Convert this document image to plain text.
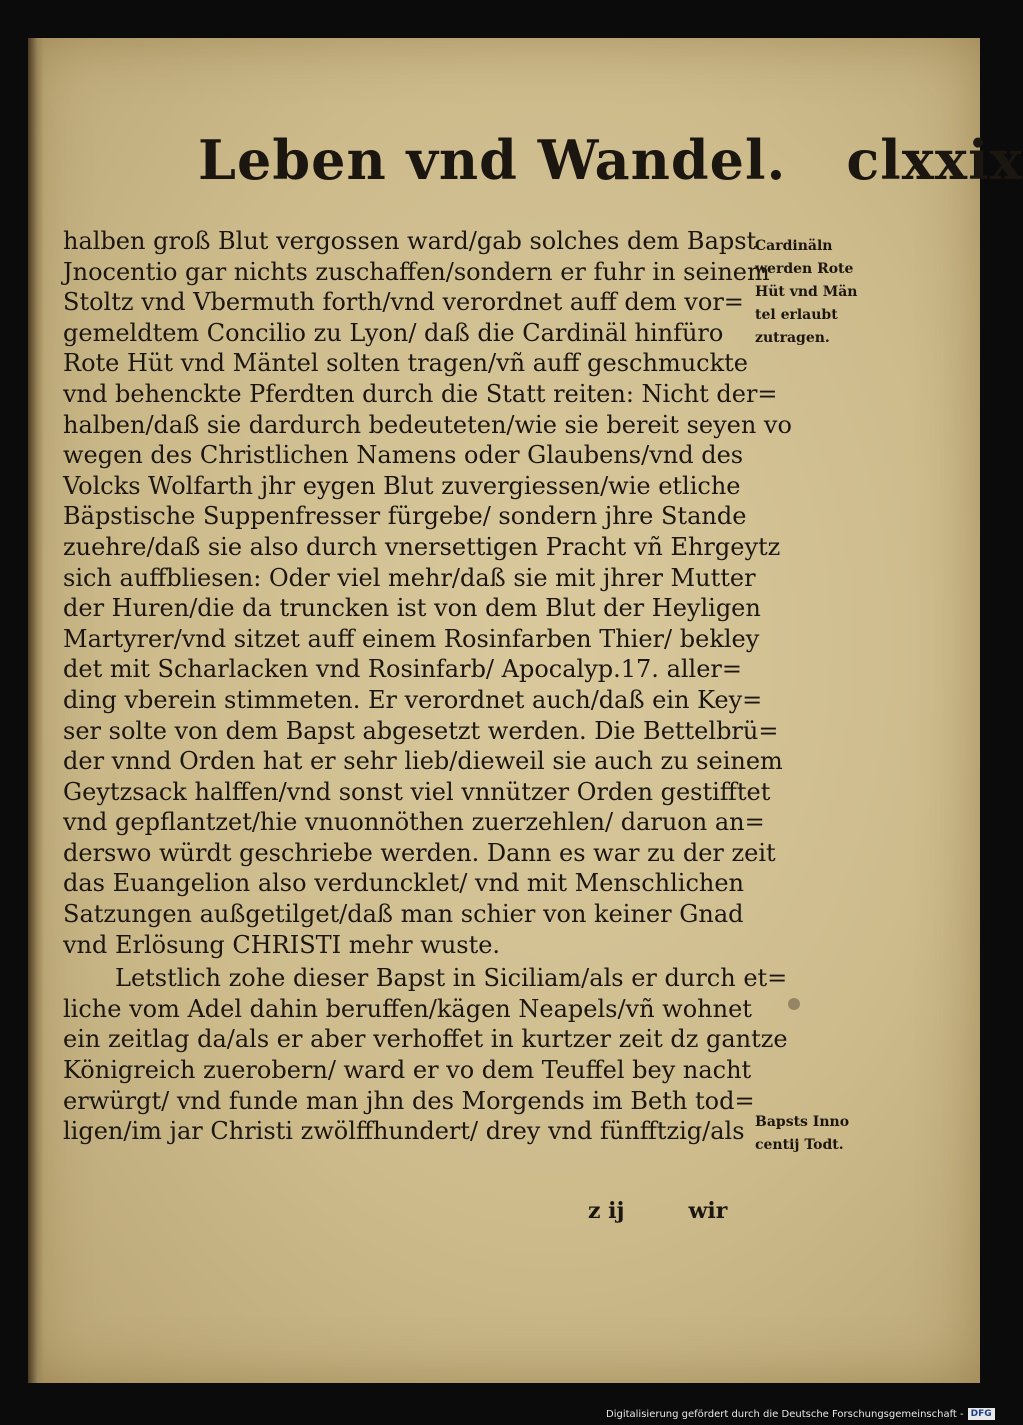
Leben vnd Wandel. clxxix
halben groß Blut vergossen ward/gab solches dem Bapst
Jnocentio gar nichts zuschaffen/sondern er fuhr in seinem
Stoltz vnd Vbermuth forth/vnd verordnet auff dem vor=
gemeldtem Concilio zu Lyon/ daß die Cardinäl hinfüro
Rote Hüt vnd Mäntel solten tragen/vñ auff geschmuckte
vnd behenckte Pferdten durch die Statt reiten: Nicht der=
halben/daß sie dardurch bedeuteten/wie sie bereit seyen vo
wegen des Christlichen Namens oder Glaubens/vnd des
Volcks Wolfarth jhr eygen Blut zuvergiessen/wie etliche
Bäpstische Suppenfresser fürgebe/ sondern jhre Stande
zuehre/daß sie also durch vnersettigen Pracht vñ Ehrgeytz
sich auffbliesen: Oder viel mehr/daß sie mit jhrer Mutter
der Huren/die da truncken ist von dem Blut der Heyligen
Martyrer/vnd sitzet auff einem Rosinfarben Thier/ bekley
det mit Scharlacken vnd Rosinfarb/ Apocalyp.17. aller=
ding vberein stimmeten. Er verordnet auch/daß ein Key=
ser solte von dem Bapst abgesetzt werden. Die Bettelbrü=
der vnnd Orden hat er sehr lieb/dieweil sie auch zu seinem
Geytzsack halffen/vnd sonst viel vnnützer Orden gestifftet
vnd gepflantzet/hie vnuonnöthen zuerzehlen/ daruon an=
derswo würdt geschriebe werden. Dann es war zu der zeit
das Euangelion also verduncklet/ vnd mit Menschlichen
Satzungen außgetilget/daß man schier von keiner Gnad
vnd Erlösung CHRISTI mehr wuste.
Letstlich zohe dieser Bapst in Siciliam/als er durch et=
liche vom Adel dahin beruffen/kägen Neapels/vñ wohnet
ein zeitlag da/als er aber verhoffet in kurtzer zeit dz gantze
Königreich zuerobern/ ward er vo dem Teuffel bey nacht
erwürgt/ vnd funde man jhn des Morgends im Beth tod=
ligen/im jar Christi zwölffhundert/ drey vnd fünfftzig/als
Cardinäln
werden Rote
Hüt vnd Män
tel erlaubt
zutragen.
Bapsts Inno
centij Todt.
z ij	wir
Digitalisierung gefördert durch die Deutsche Forschungsgemeinschaft - DFG
